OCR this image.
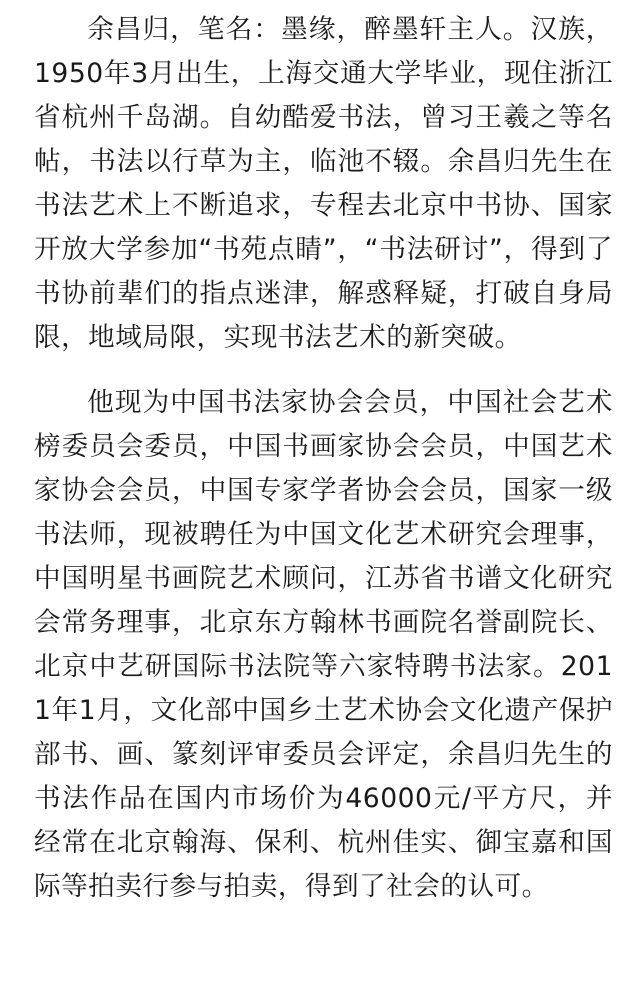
余昌归，笔名：墨缘，醉墨轩主人。汉族，1950年3月出生，上海交通大学毕业，现住浙江省杭州千岛湖。自幼酷爱书法，曾习王羲之等名帖，书法以行草为主，临池不辍。余昌归先生在书法艺术上不断追求，专程去北京中书协、国家开放大学参加“书苑点睛”，“书法研讨”，得到了书协前辈们的指点迷津，解惑释疑，打破自身局限，地域局限，实现书法艺术的新突破。

他现为中国书法家协会会员，中国社会艺术榜委员会委员，中国书画家协会会员，中国艺术家协会会员，中国专家学者协会会员，国家一级书法师，现被聘任为中国文化艺术研究会理事，中国明星书画院艺术顾问，江苏省书谱文化研究会常务理事，北京东方翰林书画院名誉副院长、北京中艺研国际书法院等六家特聘书法家。2011年1月，文化部中国乡土艺术协会文化遗产保护部书、画、篆刻评审委员会评定，余昌归先生的书法作品在国内市场价为46000元/平方尺，并经常在北京翰海、保利、杭州佳实、御宝嘉和国际等拍卖行参与拍卖，得到了社会的认可。
